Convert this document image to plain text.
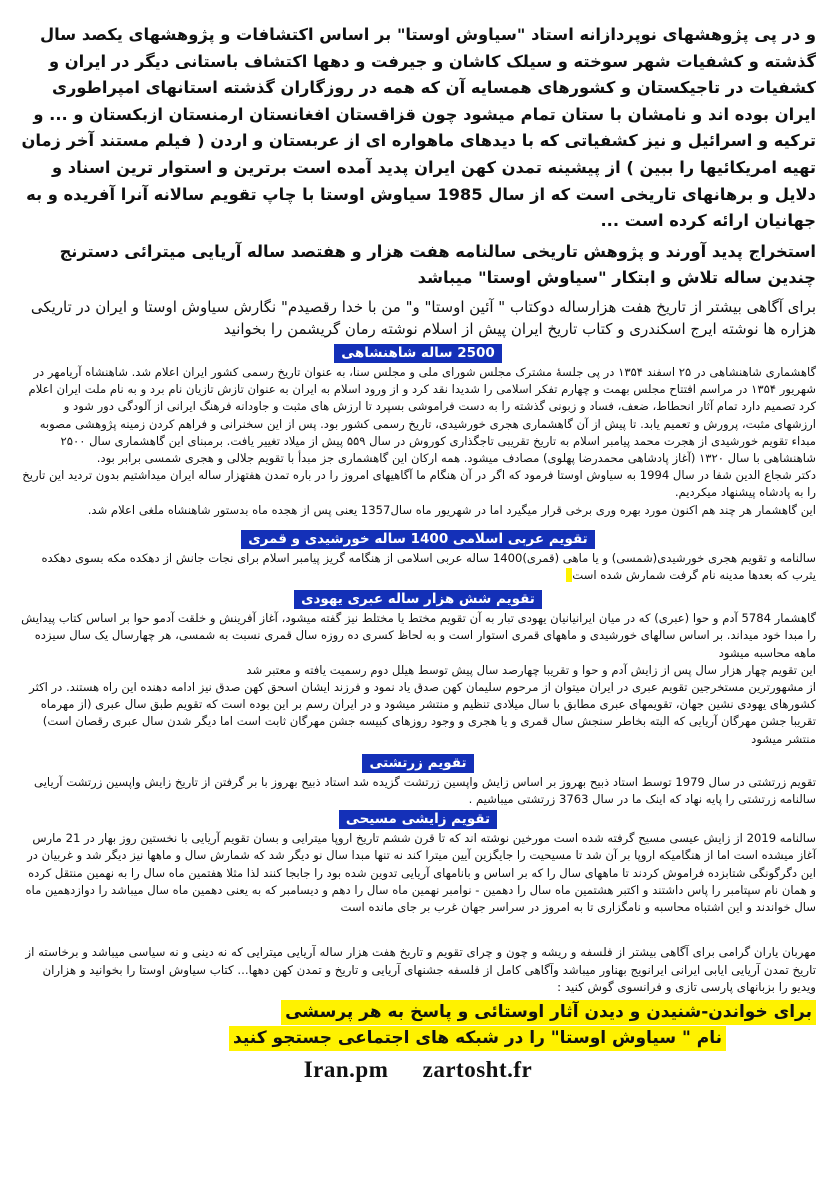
و در پی پژوهشهای نوپردازانه استاد "سیاوش اوستا" بر اساس اکتشافات و پژوهشهای یکصد سال گذشته و کشفیات شهر سوخته و سیلک کاشان و جیرفت و دهها اکتشاف باستانی دیگر در ایران و کشفیات در تاجیکستان و کشورهای همسایه آن که همه در روزگاران گذشته استانهای امپراطوری ایران بوده اند و نامشان با ستان تمام میشود چون قزاقستان افغانستان ارمنستان ازبکستان و ... و ترکیه و اسرائیل و نیز کشفیاتی که با دیدهای ماهواره ای از عربستان و اردن ( فیلم مستند آخر زمان تهیه امریکائیها را ببین ) از پیشینه تمدن کهن ایران پدید آمده است برترین و استوار ترین اسناد و دلایل و برهانهای تاریخی است که از سال 1985 سیاوش اوستا با چاپ تقویم سالانه آنرا آفریده و به جهانیان ارائه کرده است ...

استخراج پدید آورند و پژوهش تاریخی سالنامه هفت هزار و هفتصد ساله آریایی میترائی دسترنج چندین ساله تلاش و ابتکار "سیاوش اوستا" میباشد

برای آگاهی بیشتر از تاریخ هفت هزارساله دوکتاب " آئین اوستا" و" من با خدا رقصیدم" نگارش سیاوش اوستا و ایران در تاریکی هزاره ها نوشته ایرج اسکندری و کتاب تاریخ ایران پیش از اسلام نوشته رمان گریشمن را بخوانید

2500 ساله شاهنشاهی

گاهشماری شاهنشاهی در ۲۵ اسفند ۱۳۵۴ در پی جلسهٔ مشترک مجلس شورای ملی و مجلس سنا، به عنوان تاریخ رسمی کشور ایران اعلام شد. شاهنشاه آریامهر در شهریور ۱۳۵۴ در مراسم افتتاح مجلس بهمت و چهارم تفکر اسلامی را شدیدا نقد کرد و از ورود اسلام به ایران به عنوان تازش تازیان نام برد و به نام ملت ایران اعلام کرد تصمیم دارد تمام آثار انحطاط، ضعف، فساد و زبونی گذشته را به دست فراموشی بسپرد تا ارزش های مثبت و جاودانه فرهنگ ایرانی از آلودگی دور شود و ارزشهای مثبت، پرورش و تعمیم یابد. تا پیش از آن گاهشماری هجری خورشیدی، تاریخ رسمی کشور بود. پس از این سخنرانی و فراهم کردن زمینه پژوهشی مصوبه مبداء تقویم خورشیدی از هجرت محمد پیامبر اسلام به تاریخ تقریبی تاجگذاری کوروش در سال ۵۵۹ پیش از میلاد تغییر یافت. برمبنای این گاهشماری سال ۲۵۰۰ شاهنشاهی با سال ۱۳۲۰ (آغاز پادشاهی محمدرضا پهلوی) مصادف میشود. همه ارکان این گاهشماری جز مبدأ با تقویم جلالی و هجری شمسی برابر بود.

دکتر شجاع الدین شفا در سال 1994 به سیاوش اوستا فرمود که اگر در آن هنگام ما آگاهیهای امروز را در باره تمدن هفتهزار ساله ایران میداشتیم بدون تردید این تاریخ را به پادشاه پیشنهاد میکردیم.

این گاهشمار هر چند هم اکنون مورد بهره وری برخی قرار میگیرد اما در شهریور ماه سال1357 یعنی پس از هجده ماه بدستور شاهنشاه ملغی اعلام شد.

تقویم عربی اسلامی 1400 ساله خورشیدی و قمری

سالنامه و تقویم هجری خورشیدی(شمسی) و یا ماهی (قمری)1400 ساله عربی اسلامی از هنگامه گریز پیامبر اسلام برای نجات جانش از دهکده مکه بسوی دهکده یثرب که بعدها مدینه نام گرفت شمارش شده است

تقویم شش هزار ساله عبری یهودی

گاهشمار 5784 آدم و حوا (عبری) که در میان ایرانیانیان یهودی تبار به آن تقویم مختط یا مختلط نیز گفته میشود، آغاز آفرینش و خلقت آدمو حوا بر اساس کتاب پیدایش را مبدا خود میداند. بر اساس سالهای خورشیدی و ماههای قمری استوار است و به لحاظ کسری ده روزه سال قمری نسبت به شمسی، هر چهارسال یک سال سیزده ماهه محاسبه میشود

این تقویم چهار هزار سال پس از زایش آدم و حوا و تقریبا چهارصد سال پیش توسط هیلل دوم رسمیت یافته و معتبر شد

از مشهورترین مستخرجین تقویم عبری در ایران میتوان از مرحوم سلیمان کهن صدق یاد نمود و فرزند ایشان اسحق کهن صدق نیز ادامه دهنده این راه هستند. در اکثر کشورهای یهودی نشین جهان، تقویمهای عبری مطابق با سال میلادی تنظیم و منتشر میشود و در ایران رسم بر این بوده است که تقویم طبق سال عبری (از مهرماه تقریبا جشن مهرگان آریایی که البته بخاطر سنجش سال قمری و یا هجری و وجود روزهای کبیسه جشن مهرگان ثابت است اما دیگر شدن سال عبری رقصان است) منتشر میشود

تقویم زرتشتی

تقویم زرتشتی در سال 1979 توسط استاد ذبیح بهروز بر اساس زایش واپسین زرتشت گزیده شد استاد ذبیح بهروز با بر گرفتن از تاریخ زایش واپسین زرتشت آریایی سالنامه زرتشتی را پایه نهاد که اینک ما در سال 3763 زرتشتی میباشیم .

تقویم زایشی مسیحی

سالنامه 2019 از زایش عیسی مسیح گرفته شده است مورخین نوشته اند که تا قرن ششم تاریخ اروپا میترایی و بسان تقویم آریایی با نخستین روز بهار در 21 مارس آغاز میشده است اما از هنگامیکه اروپا بر آن شد تا مسیحیت را جایگزین آیین میترا کند نه تنها مبدا سال نو دیگر شد که شمارش سال و ماهها نیز دیگر شد و غربیان در این دگرگونگی شتابزده فراموش کردند تا ماههای سال را که بر اساس و بانامهای آریایی تدوین شده بود را جابجا کنند لذا مثلا هفتمین ماه سال را به نهمین منتقل کرده و همان نام سپتامبر را پاس داشتند و اکتبر هشتمین ماه سال را دهمین - نوامبر نهمین ماه سال را دهم و دیسامبر که به یعنی دهمین ماه سال میباشد را دوازدهمین ماه سال خواندند و این اشتباه محاسبه و نامگزاری تا به امروز در سراسر جهان غرب بر جای مانده است

مهربان یاران گرامی برای آگاهی بیشتر از فلسفه و ریشه و چون و چرای تقویم و تاریخ هفت هزار ساله آریایی میترایی که نه دینی و نه سیاسی میباشد و برخاسته از تاریخ تمدن آریایی ایابی ایرانی ایرانویج بهناور میباشد وآگاهی کامل از فلسفه جشنهای آریایی و تاریخ و تمدن کهن دهها... کتاب سیاوش اوستا را بخوانید و هزاران ویدیو را بزبانهای پارسی تازی و فرانسوی گوش کنید :

برای خواندن-شنیدن و دیدن آثار اوستائی و پاسخ به هر پرسشی
نام " سیاوش اوستا" را در شبکه های اجتماعی جستجو کنید
Iran.pm zartosht.fr
